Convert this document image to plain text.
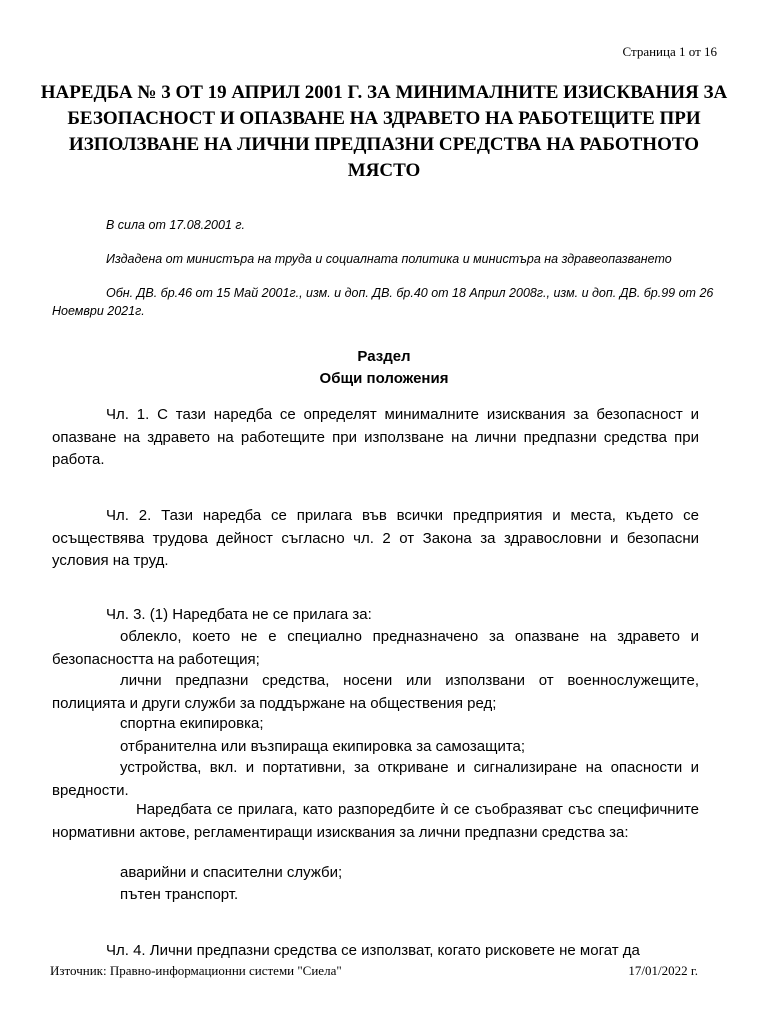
Страница 1 от 16
НАРЕДБА № 3 ОТ 19 АПРИЛ 2001 Г. ЗА МИНИМАЛНИТЕ ИЗИСКВАНИЯ ЗА БЕЗОПАСНОСТ И ОПАЗВАНЕ НА ЗДРАВЕТО НА РАБОТЕЩИТЕ ПРИ ИЗПОЛЗВАНЕ НА ЛИЧНИ ПРЕДПАЗНИ СРЕДСТВА НА РАБОТНОТО МЯСТО

В сила от 17.08.2001 г.

Издадена от министъра на труда и социалната политика и министъра на здравеопазването

Обн. ДВ. бр.46 от 15 Май 2001г., изм. и доп. ДВ. бр.40 от 18 Април 2008г., изм. и доп. ДВ. бр.99 от 26 Ноември 2021г.

Раздел
Общи положения

Чл. 1. С тази наредба се определят минималните изисквания за безопасност и опазване на здравето на работещите при използване на лични предпазни средства при работа.

Чл. 2. Тази наредба се прилага във всички предприятия и места, където се осъществява трудова дейност съгласно чл. 2 от Закона за здравословни и безопасни условия на труд.

Чл. 3. (1) Наредбата не се прилага за:

облекло, което не е специално предназначено за опазване на здравето и безопасността на работещия;

лични предпазни средства, носени или използвани от военнослужещите, полицията и други служби за поддържане на обществения ред;

спортна екипировка;

отбранителна или възпираща екипировка за самозащита;

устройства, вкл. и портативни, за откриване и сигнализиране на опасности и вредности.

Наредбата се прилага, като разпоредбите ѝ се съобразяват със специфичните нормативни актове, регламентиращи изисквания за лични предпазни средства за:

аварийни и спасителни служби;

пътен транспорт.

Чл. 4. Лични предпазни средства се използват, когато рисковете не могат да

Източник: Правно-информационни системи "Сиела"	17/01/2022 г.
